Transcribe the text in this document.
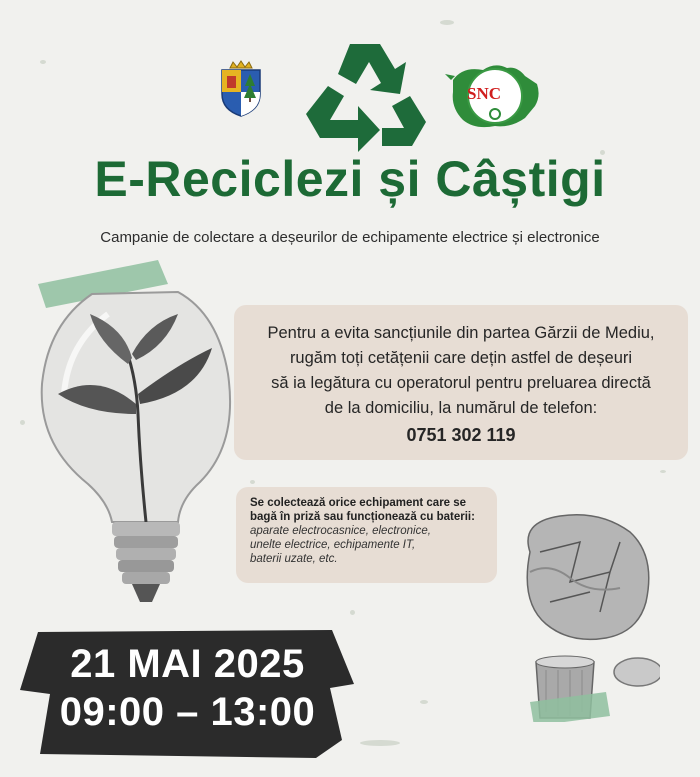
SNC
E-Reciclezi și Câștigi
Campanie de colectare a deșeurilor de echipamente electrice și electronice
Pentru a evita sancțiunile din partea Gărzii de Mediu,
rugăm toți cetățenii care dețin astfel de deșeuri
să ia legătura cu operatorul pentru preluarea directă
de la domiciliu, la numărul de telefon:
0751 302 119
Se colectează orice echipament care se
bagă în priză sau funcționează cu baterii:
aparate electrocasnice, electronice,
unelte electrice, echipamente IT,
baterii uzate, etc.
21 MAI 2025
09:00 – 13:00
